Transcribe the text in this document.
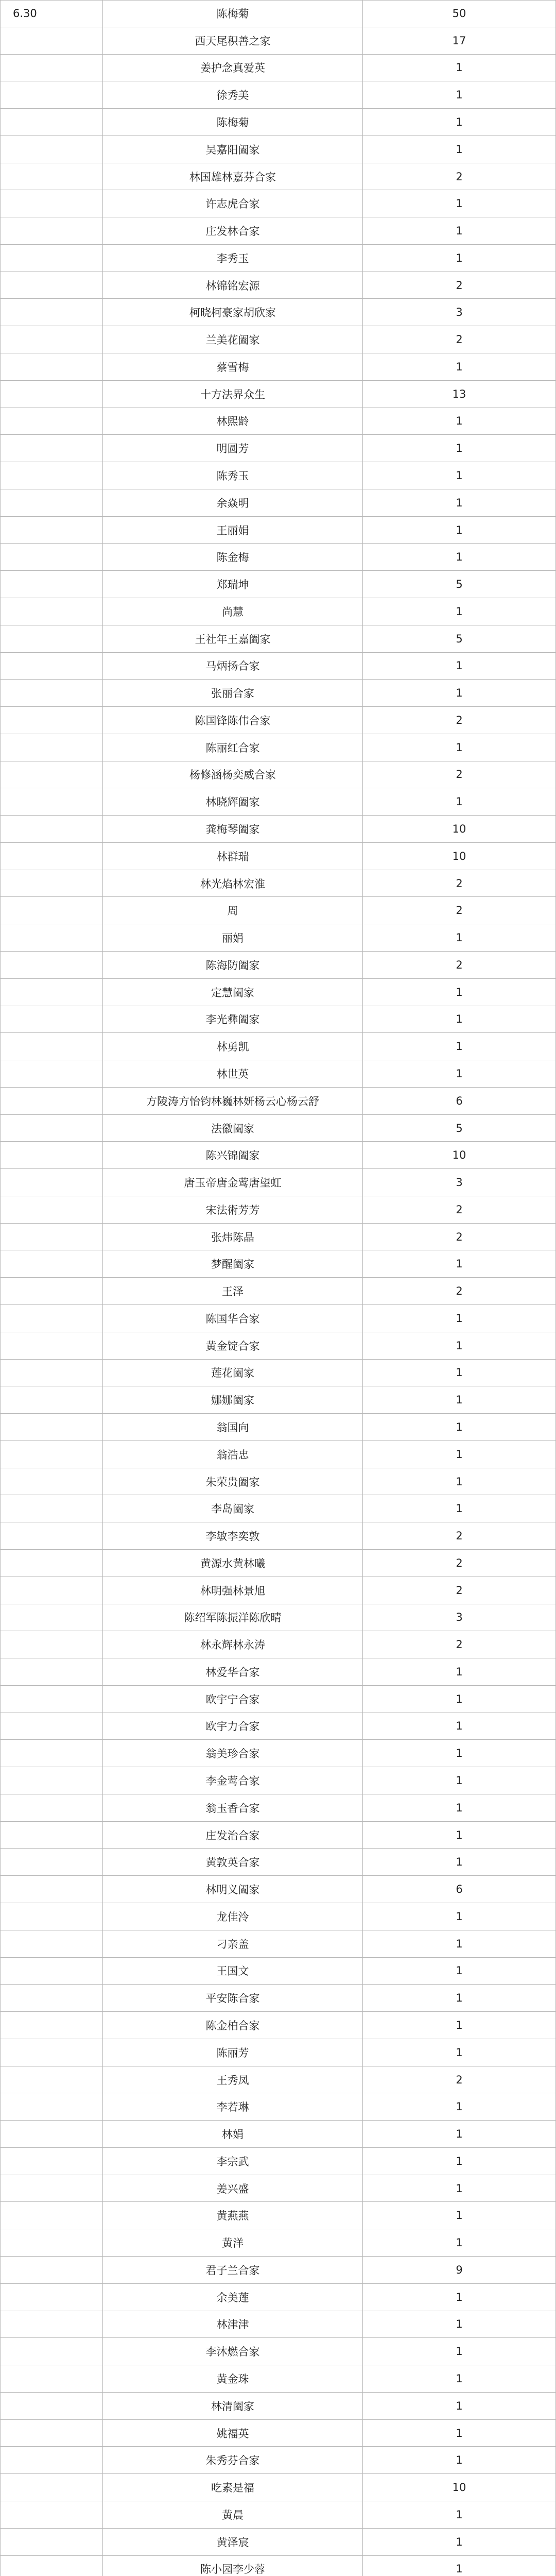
6.30	陈梅菊	50
西天尾积善之家	17
姜护念真爱英	1
徐秀美	1
陈梅菊	1
吴嘉阳阖家	1
林国雄林嘉芬合家	2
许志虎合家	1
庄发林合家	1
李秀玉	1
林锦铭宏源	2
柯晓柯豪家胡欣家	3
兰美花阖家	2
蔡雪梅	1
十方法界众生	13
林熙龄	1
明圆芳	1
陈秀玉	1
余焱明	1
王丽娟	1
陈金梅	1
郑瑞坤	5
尚慧	1
王社年王嘉阖家	5
马炳扬合家	1
张丽合家	1
陈国锋陈伟合家	2
陈丽红合家	1
杨修涵杨奕威合家	2
林晓辉阖家	1
龚梅琴阖家	10
林群瑞	10
林光焰林宏淮	2
周	2
丽娟	1
陈海防阖家	2
定慧阖家	1
李光彝阖家	1
林勇凯	1
林世英	1
方陵涛方怡钧林巍林妍杨云心杨云舒	6
法徽阖家	5
陈兴锦阖家	10
唐玉帝唐金莺唐望虹	3
宋法術芳芳	2
张炜陈晶	2
梦醒阖家	1
王泽	2
陈国华合家	1
黄金锭合家	1
莲花阖家	1
娜娜阖家	1
翁国向	1
翁浩忠	1
朱荣贵阖家	1
李岛阖家	1
李敏李奕敦	2
黄源水黄林曦	2
林明强林景旭	2
陈绍军陈振洋陈欣晴	3
林永辉林永涛	2
林爱华合家	1
欧宇宁合家	1
欧宇力合家	1
翁美珍合家	1
李金莺合家	1
翁玉香合家	1
庄发治合家	1
黄敦英合家	1
林明义阖家	6
龙佳泠	1
刁亲盖	1
王国文	1
平安陈合家	1
陈金柏合家	1
陈丽芳	1
王秀凤	2
李若琳	1
林娟	1
李宗武	1
姜兴盛	1
黄燕燕	1
黄洋	1
君子兰合家	9
余美莲	1
林津津	1
李沐燃合家	1
黄金珠	1
林清阖家	1
姚福英	1
朱秀芬合家	1
吃素是福	10
黄晨	1
黄泽宸	1
陈小园李少蓉	1
